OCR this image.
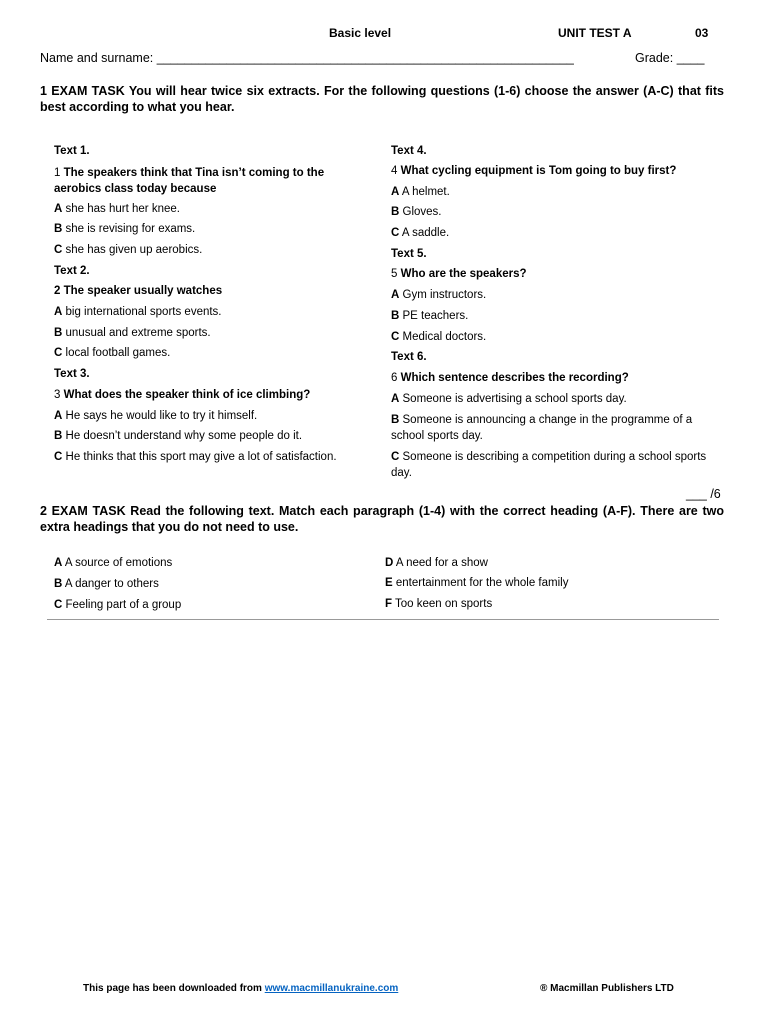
Basic level	UNIT TEST A	03
Name and surname: ____________________________________________________________	Grade: ____
1 EXAM TASK You will hear twice six extracts. For the following questions (1-6) choose the answer (A-C) that fits best according to what you hear.
Text 1.
1 The speakers think that Tina isn’t coming to the aerobics class today because
A she has hurt her knee.
B she is revising for exams.
C she has given up aerobics.
Text 2.
2 The speaker usually watches
A big international sports events.
B unusual and extreme sports.
C local football games.
Text 3.
3 What does the speaker think of ice climbing?
A He says he would like to try it himself.
B He doesn’t understand why some people do it.
C He thinks that this sport may give a lot of satisfaction.
Text 4.
4 What cycling equipment is Tom going to buy first?
A A helmet.
B Gloves.
C A saddle.
Text 5.
5 Who are the speakers?
A Gym instructors.
B PE teachers.
C Medical doctors.
Text 6.
6 Which sentence describes the recording?
A Someone is advertising a school sports day.
B Someone is announcing a change in the programme of a school sports day.
C Someone is describing a competition during a school sports day.
___ /6
2 EXAM TASK Read the following text. Match each paragraph (1-4) with the correct heading (A-F). There are two extra headings that you do not need to use.
A A source of emotions
B A danger to others
C Feeling part of a group
D A need for a show
E entertainment for the whole family
F Too keen on sports
This page has been downloaded from www.macmillanukraine.com	® Macmillan Publishers LTD
